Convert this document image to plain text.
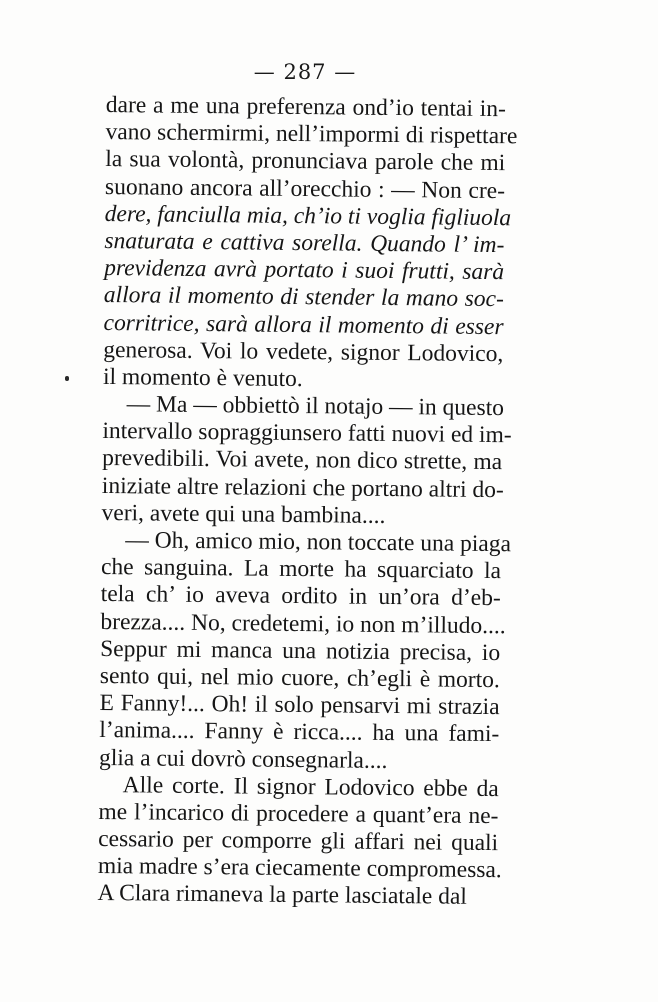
— 287 —
dare a me una preferenza ond’io tentai in-
vano schermirmi, nell’impormi di rispettare
la sua volontà, pronunciava parole che mi
suonano ancora all’orecchio : — Non cre-
dere, fanciulla mia, ch’io ti voglia figliuola
snaturata e cattiva sorella. Quando l’ im-
previdenza avrà portato i suoi frutti, sarà
allora il momento di stender la mano soc-
corritrice, sarà allora il momento di esser
generosa. Voi lo vedete, signor Lodovico,
il momento è venuto.
— Ma — obbiettò il notajo — in questo
intervallo sopraggiunsero fatti nuovi ed im-
prevedibili. Voi avete, non dico strette, ma
iniziate altre relazioni che portano altri do-
veri, avete qui una bambina....
— Oh, amico mio, non toccate una piaga
che sanguina. La morte ha squarciato la
tela ch’ io aveva ordito in un’ora d’eb-
brezza.... No, credetemi, io non m’illudo....
Seppur mi manca una notizia precisa, io
sento qui, nel mio cuore, ch’egli è morto.
E Fanny!... Oh! il solo pensarvi mi strazia
l’anima.... Fanny è ricca.... ha una fami-
glia a cui dovrò consegnarla....
Alle corte. Il signor Lodovico ebbe da
me l’incarico di procedere a quant’era ne-
cessario per comporre gli affari nei quali
mia madre s’era ciecamente compromessa.
A Clara rimaneva la parte lasciatale dal
